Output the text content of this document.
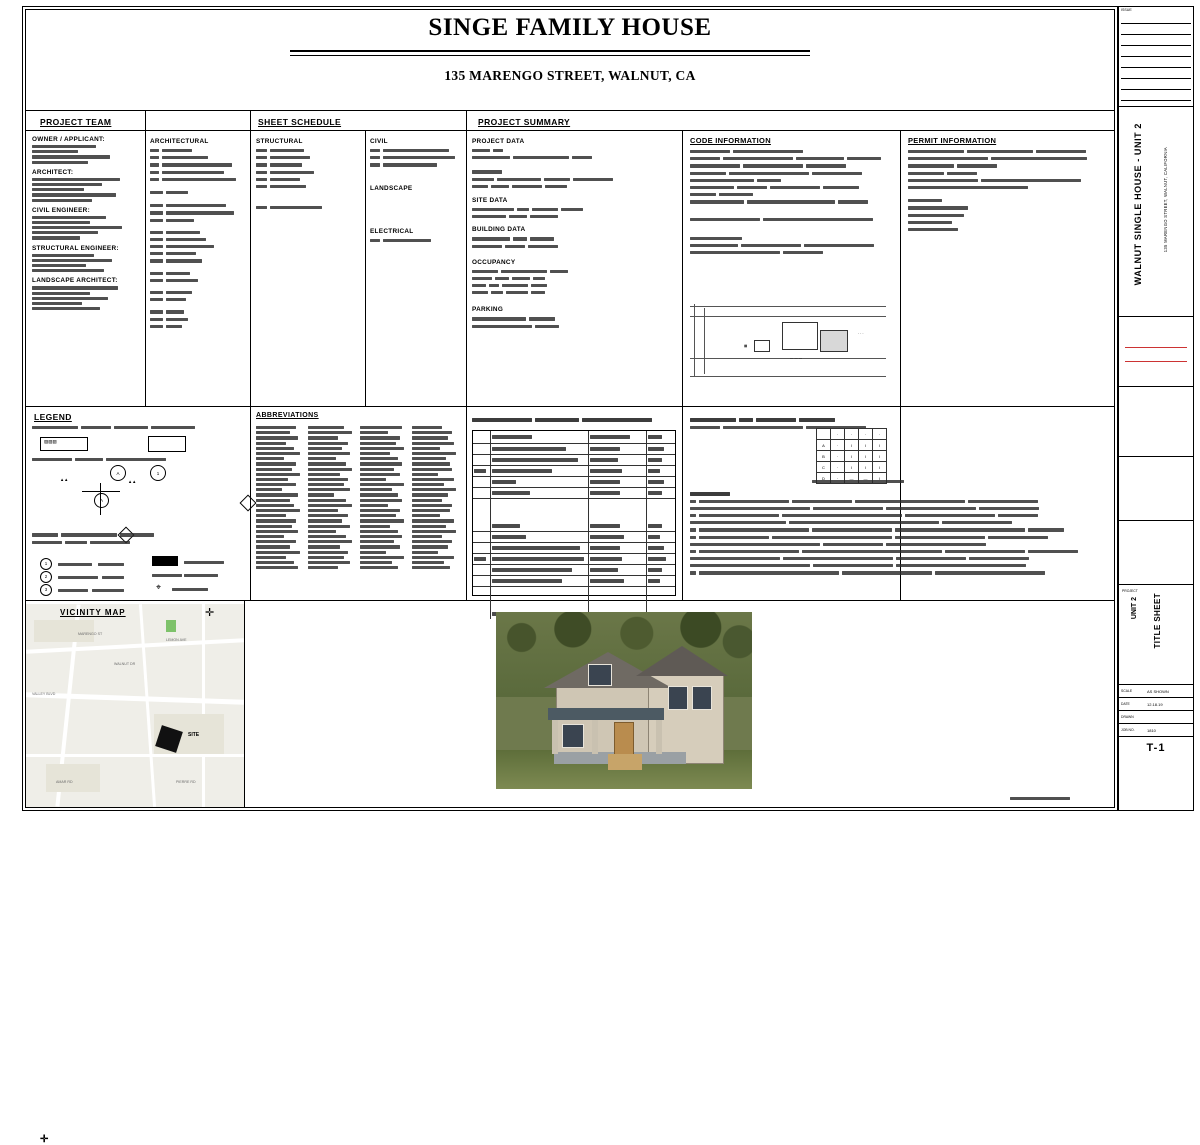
SINGE FAMILY HOUSE
135 MARENGO STREET, WALNUT, CA
PROJECT TEAM	SHEET SCHEDULE	PROJECT SUMMARY
OWNER / APPLICANT:
ARCHITECT:
CIVIL ENGINEER:
STRUCTURAL ENGINEER:
LANDSCAPE ARCHITECT:
ARCHITECTURAL	STRUCTURAL	CIVIL
LANDSCAPE
ELECTRICAL
PROJECT DATA
SITE DATA
BUILDING DATA
OCCUPANCY
PARKING
CODE INFORMATION
▦
· · ·
— — —
PERMIT INFORMATION
LEGEND
▨▨▨
A	1
▲▲	▲▲
A
1
2
3	⌖
✛
ABBREVIATIONS
	·	·	·	·
A	·	I	I	I
B	·	I	I	I
C	·	I	I	I
D	·	—	—	I
SITE
MARENGO ST
VALLEY BLVD
WALNUT DR
LEMON AVE
AMAR RD	PIERRE RD
VICINITY MAP	✛
ISSUE
WALNUT SINGLE HOUSE - UNIT 2	135 MARENGO STREET, WALNUT, CALIFORNIA
PROJECT
UNIT 2 TITLE SHEET
SCALE	AS SHOWN
DATE	12.18.19
DRAWN
JOB NO.	1810
T-1
